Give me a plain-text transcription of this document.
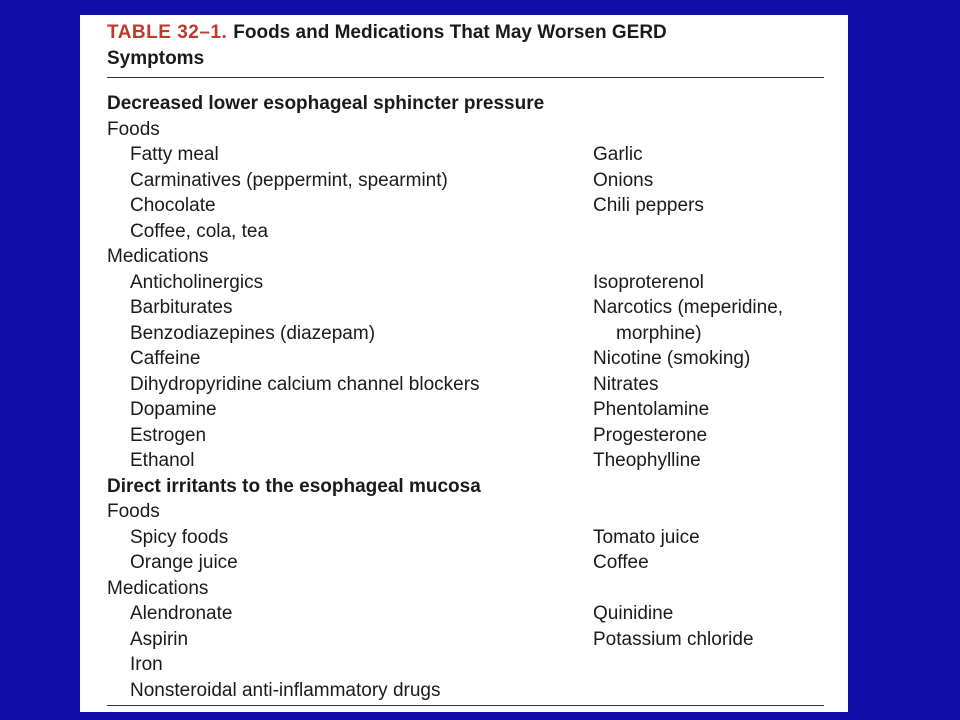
TABLE 32–1. Foods and Medications That May Worsen GERD
Symptoms
Decreased lower esophageal sphincter pressure
Foods
Fatty meal	Garlic
Carminatives (peppermint, spearmint)	Onions
Chocolate	Chili peppers
Coffee, cola, tea
Medications
Anticholinergics	Isoproterenol
Barbiturates	Narcotics (meperidine,
Benzodiazepines (diazepam)	morphine)
Caffeine	Nicotine (smoking)
Dihydropyridine calcium channel blockers	Nitrates
Dopamine	Phentolamine
Estrogen	Progesterone
Ethanol	Theophylline
Direct irritants to the esophageal mucosa
Foods
Spicy foods	Tomato juice
Orange juice	Coffee
Medications
Alendronate	Quinidine
Aspirin	Potassium chloride
Iron
Nonsteroidal anti-inflammatory drugs
